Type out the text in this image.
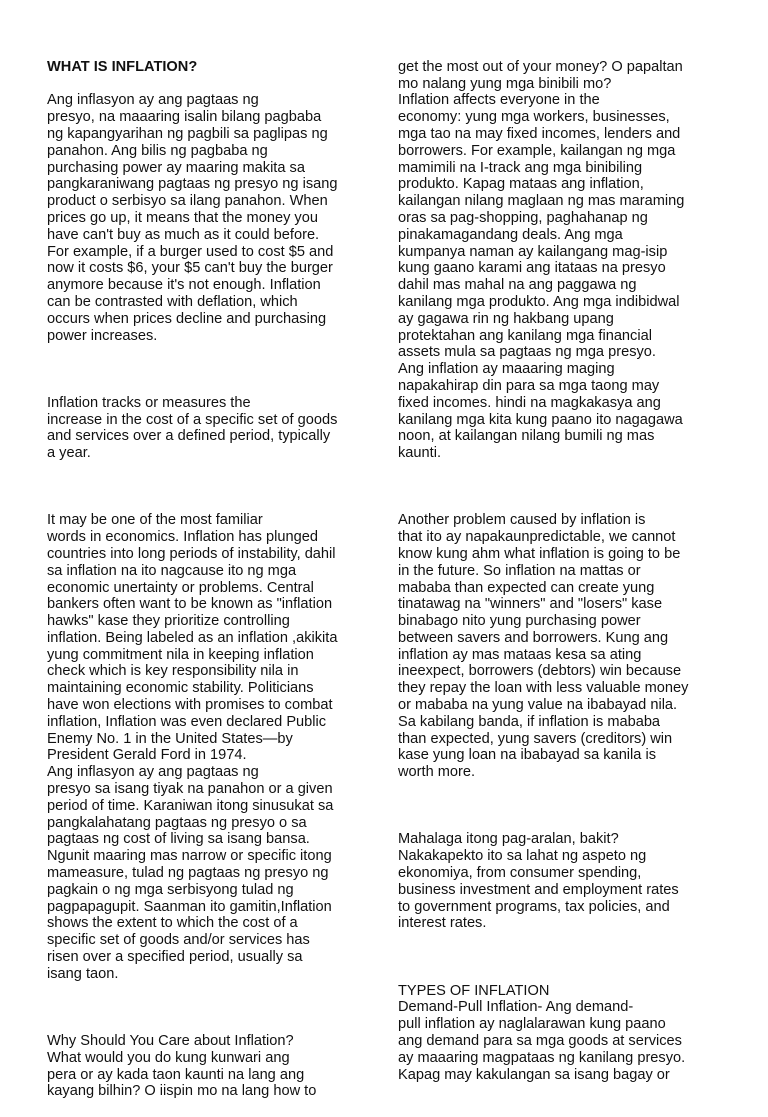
WHAT IS INFLATION?

Ang inflasyon ay ang pagtaas ng
presyo, na maaaring isalin bilang pagbaba
ng kapangyarihan ng pagbili sa paglipas ng
panahon. Ang bilis ng pagbaba ng
purchasing power ay maaring makita sa
pangkaraniwang pagtaas ng presyo ng isang
product o serbisyo sa ilang panahon. When
prices go up, it means that the money you
have can't buy as much as it could before.
For example, if a burger used to cost $5 and
now it costs $6, your $5 can't buy the burger
anymore because it's not enough. Inflation
can be contrasted with deflation, which
occurs when prices decline and purchasing
power increases.

Inflation tracks or measures the
increase in the cost of a specific set of goods
and services over a defined period, typically
a year.

It may be one of the most familiar
words in economics. Inflation has plunged
countries into long periods of instability, dahil
sa inflation na ito nagcause ito ng mga
economic unertainty or problems. Central
bankers often want to be known as "inflation
hawks" kase they prioritize controlling
inflation. Being labeled as an inflation ,akikita
yung commitment nila in keeping inflation
check which is key responsibility nila in
maintaining economic stability. Politicians
have won elections with promises to combat
inflation, Inflation was even declared Public
Enemy No. 1 in the United States—by
President Gerald Ford in 1974.
Ang inflasyon ay ang pagtaas ng
presyo sa isang tiyak na panahon or a given
period of time. Karaniwan itong sinusukat sa
pangkalahatang pagtaas ng presyo o sa
pagtaas ng cost of living sa isang bansa.
Ngunit maaring mas narrow or specific itong
mameasure, tulad ng pagtaas ng presyo ng
pagkain o ng mga serbisyong tulad ng
pagpapagupit. Saanman ito gamitin,Inflation
shows the extent to which the cost of a
specific set of goods and/or services has
risen over a specified period, usually sa
isang taon.

Why Should You Care about Inflation?
What would you do kung kunwari ang
pera or ay kada taon kaunti na lang ang
kayang bilhin? O iispin mo na lang how to

get the most out of your money? O papaltan
mo nalang yung mga binibili mo?
Inflation affects everyone in the
economy: yung mga workers, businesses,
mga tao na may fixed incomes, lenders and
borrowers. For example, kailangan ng mga
mamimili na I-track ang mga binibiling
produkto. Kapag mataas ang inflation,
kailangan nilang maglaan ng mas maraming
oras sa pag-shopping, paghahanap ng
pinakamagandang deals. Ang mga
kumpanya naman ay kailangang mag-isip
kung gaano karami ang itataas na presyo
dahil mas mahal na ang paggawa ng
kanilang mga produkto. Ang mga indibidwal
ay gagawa rin ng hakbang upang
protektahan ang kanilang mga financial
assets mula sa pagtaas ng mga presyo.
Ang inflation ay maaaring maging
napakahirap din para sa mga taong may
fixed incomes. hindi na magkakasya ang
kanilang mga kita kung paano ito nagagawa
noon, at kailangan nilang bumili ng mas
kaunti.

Another problem caused by inflation is
that ito ay napakaunpredictable, we cannot
know kung ahm what inflation is going to be
in the future. So inflation na mattas or
mababa than expected can create yung
tinatawag na "winners" and "losers" kase
binabago nito yung purchasing power
between savers and borrowers. Kung ang
inflation ay mas mataas kesa sa ating
ineexpect, borrowers (debtors) win because
they repay the loan with less valuable money
or mababa na yung value na ibabayad nila.
Sa kabilang banda, if inflation is mababa
than expected, yung savers (creditors) win
kase yung loan na ibabayad sa kanila is
worth more.

Mahalaga itong pag-aralan, bakit?
Nakakapekto ito sa lahat ng aspeto ng
ekonomiya, from consumer spending,
business investment and employment rates
to government programs, tax policies, and
interest rates.

TYPES OF INFLATION
Demand-Pull Inflation- Ang demand-
pull inflation ay naglalarawan kung paano
ang demand para sa mga goods at services
ay maaaring magpataas ng kanilang presyo.
Kapag may kakulangan sa isang bagay or
